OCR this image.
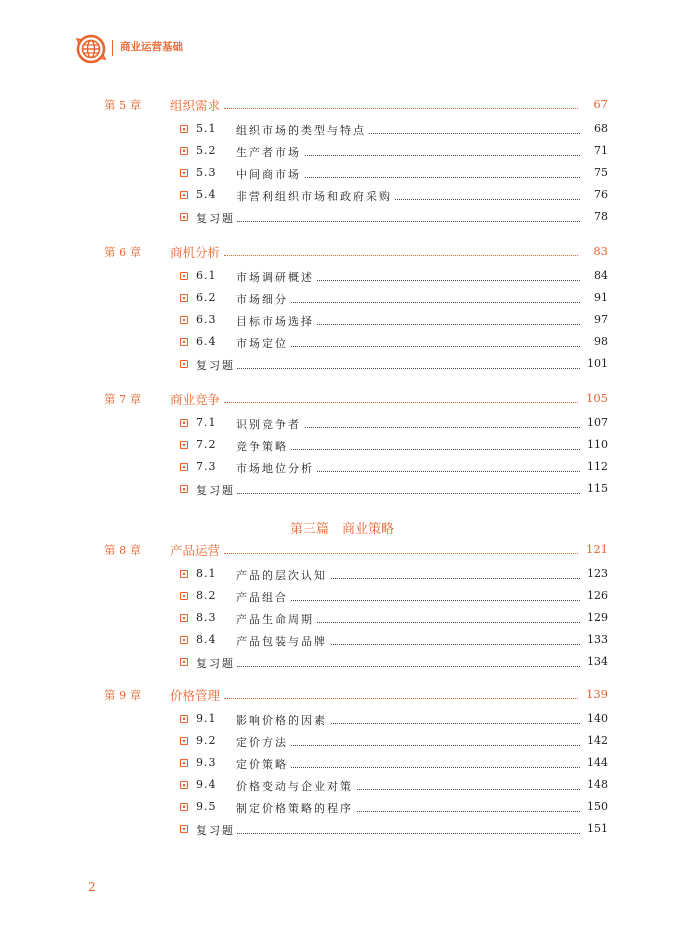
商业运营基础
第 5 章 组织需求	67
5.1 组织市场的类型与特点	68
5.2 生产者市场	71
5.3 中间商市场	75
5.4 非营利组织市场和政府采购	76
复习题	78
第 6 章 商机分析	83
6.1 市场调研概述	84
6.2 市场细分	91
6.3 目标市场选择	97
6.4 市场定位	98
复习题	101
第 7 章 商业竞争	105
7.1 识别竞争者	107
7.2 竞争策略	110
7.3 市场地位分析	112
复习题	115
第 8 章 产品运营	121
8.1 产品的层次认知	123
8.2 产品组合	126
8.3 产品生命周期	129
8.4 产品包装与品牌	133
复习题	134
第 9 章 价格管理	139
9.1 影响价格的因素	140
9.2 定价方法	142
9.3 定价策略	144
9.4 价格变动与企业对策	148
9.5 制定价格策略的程序	150
复习题	151
第三篇　商业策略
2
